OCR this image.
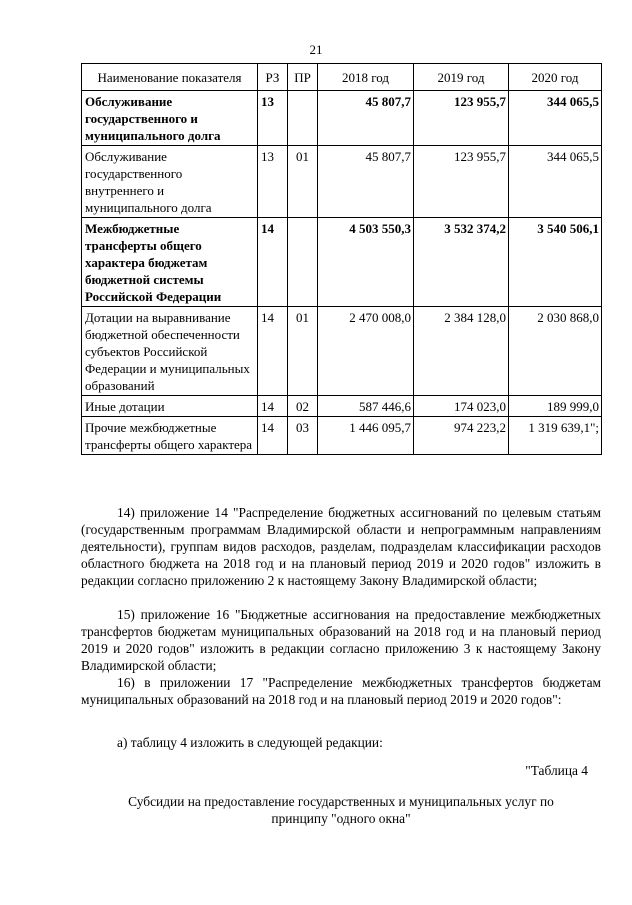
21

Наименование показателя	РЗ	ПР	2018 год	2019 год	2020 год
Обслуживание государственного и муниципального долга	13		45 807,7	123 955,7	344 065,5
Обслуживание государственного внутреннего и муниципального долга	13	01	45 807,7	123 955,7	344 065,5
Межбюджетные трансферты общего характера бюджетам бюджетной системы Российской Федерации	14		4 503 550,3	3 532 374,2	3 540 506,1
Дотации на выравнивание бюджетной обеспеченности субъектов Российской Федерации и муниципальных образований	14	01	2 470 008,0	2 384 128,0	2 030 868,0
Иные дотации	14	02	587 446,6	174 023,0	189 999,0
Прочие межбюджетные трансферты общего характера	14	03	1 446 095,7	974 223,2	1 319 639,1";

14) приложение 14 "Распределение бюджетных ассигнований по целевым статьям (государственным программам Владимирской области и непрограммным направлениям деятельности), группам видов расходов, разделам, подразделам классификации расходов областного бюджета на 2018 год и на плановый период 2019 и 2020 годов" изложить в редакции согласно приложению 2 к настоящему Закону Владимирской области;

15) приложение 16 "Бюджетные ассигнования на предоставление межбюджетных трансфертов бюджетам муниципальных образований на 2018 год и на плановый период 2019 и 2020 годов" изложить в редакции согласно приложению 3 к настоящему Закону Владимирской области;

16) в приложении 17 "Распределение межбюджетных трансфертов бюджетам муниципальных образований на 2018 год и на плановый период 2019 и 2020 годов":

а) таблицу 4 изложить в следующей редакции:

"Таблица 4

Субсидии на предоставление государственных и муниципальных услуг по
принципу "одного окна"
